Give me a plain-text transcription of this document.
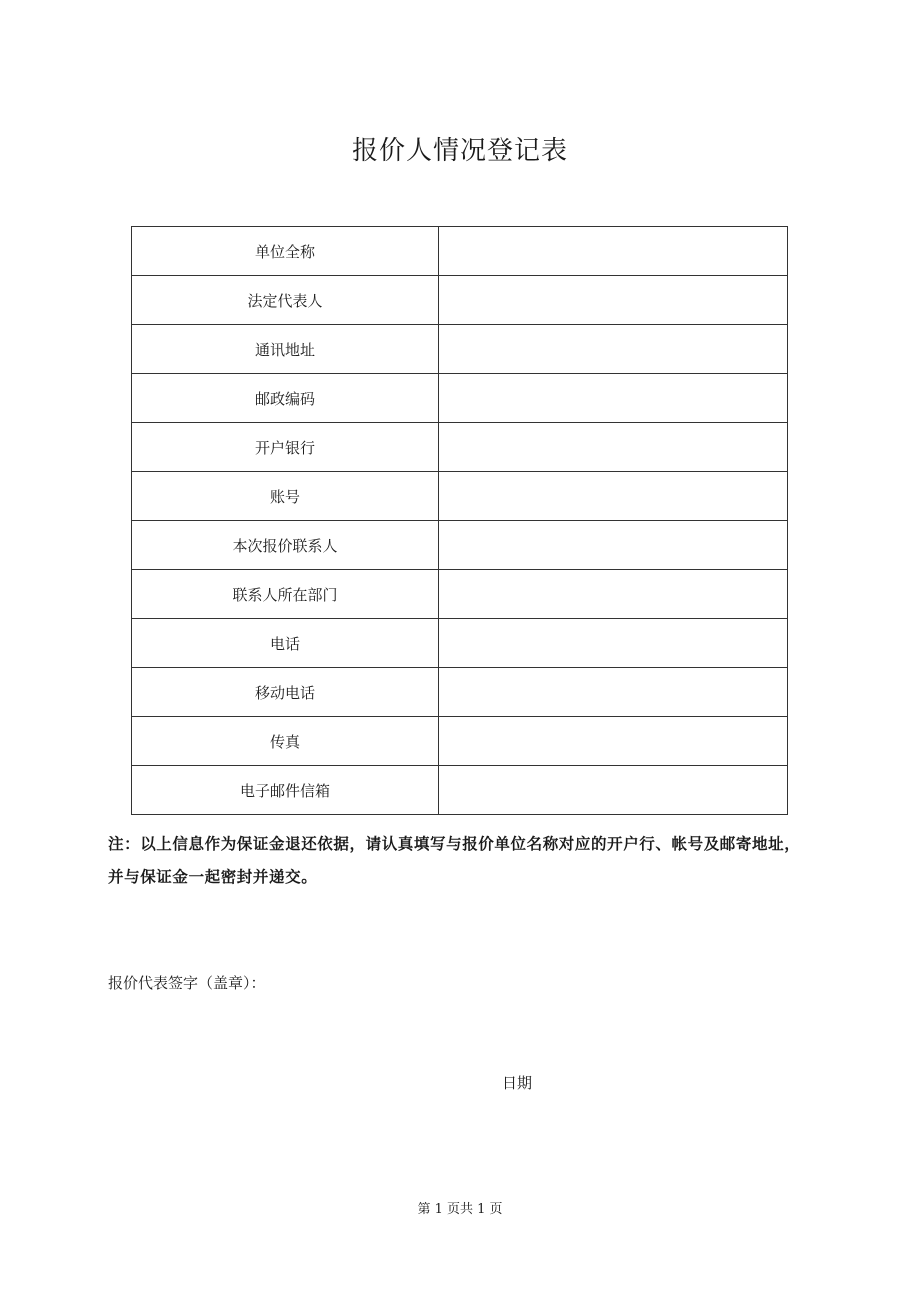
报价人情况登记表
单位全称	
法定代表人	
通讯地址	
邮政编码	
开户银行	
账号	
本次报价联系人	
联系人所在部门	
电话	
移动电话	
传真	
电子邮件信箱	
注：以上信息作为保证金退还依据，请认真填写与报价单位名称对应的开户行、帐号及邮寄地址，并与保证金一起密封并递交。
报价代表签字（盖章）：
日期
第 1 页共 1 页
